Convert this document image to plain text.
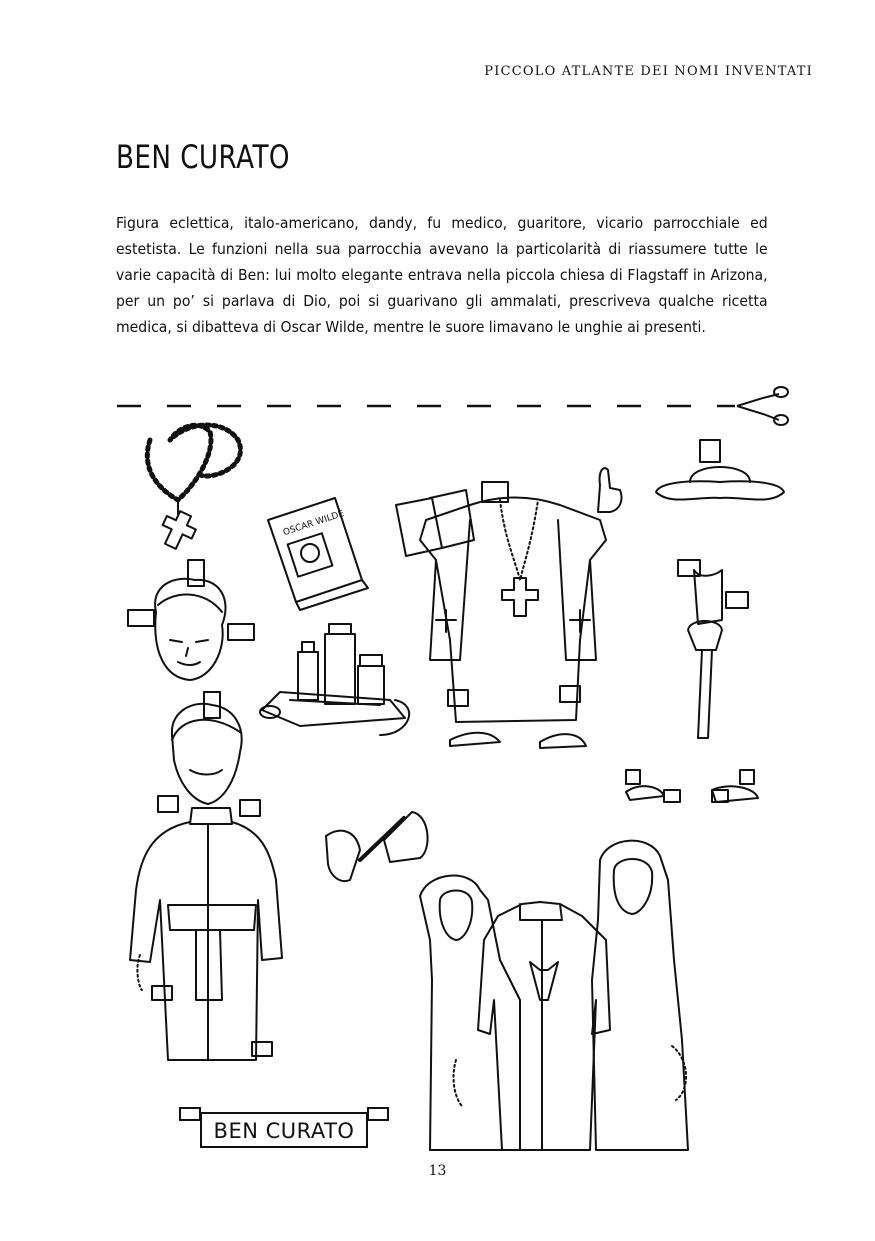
PICCOLO ATLANTE DEI NOMI INVENTATI
BEN CURATO

Figura eclettica, italo-americano, dandy, fu medico, guaritore, vicario parrocchiale ed estetista. Le funzioni nella sua parrocchia avevano la particolarità di riassumere tutte le varie capacità di Ben: lui molto elegante entrava nella piccola chiesa di Flagstaff in Arizona, per un po’ si parlava di Dio, poi si guarivano gli ammalati, prescriveva qualche ricetta medica, si dibatteva di Oscar Wilde, mentre le suore limavano le unghie ai presenti.

OSCAR WILDE
BEN CURATO
13
